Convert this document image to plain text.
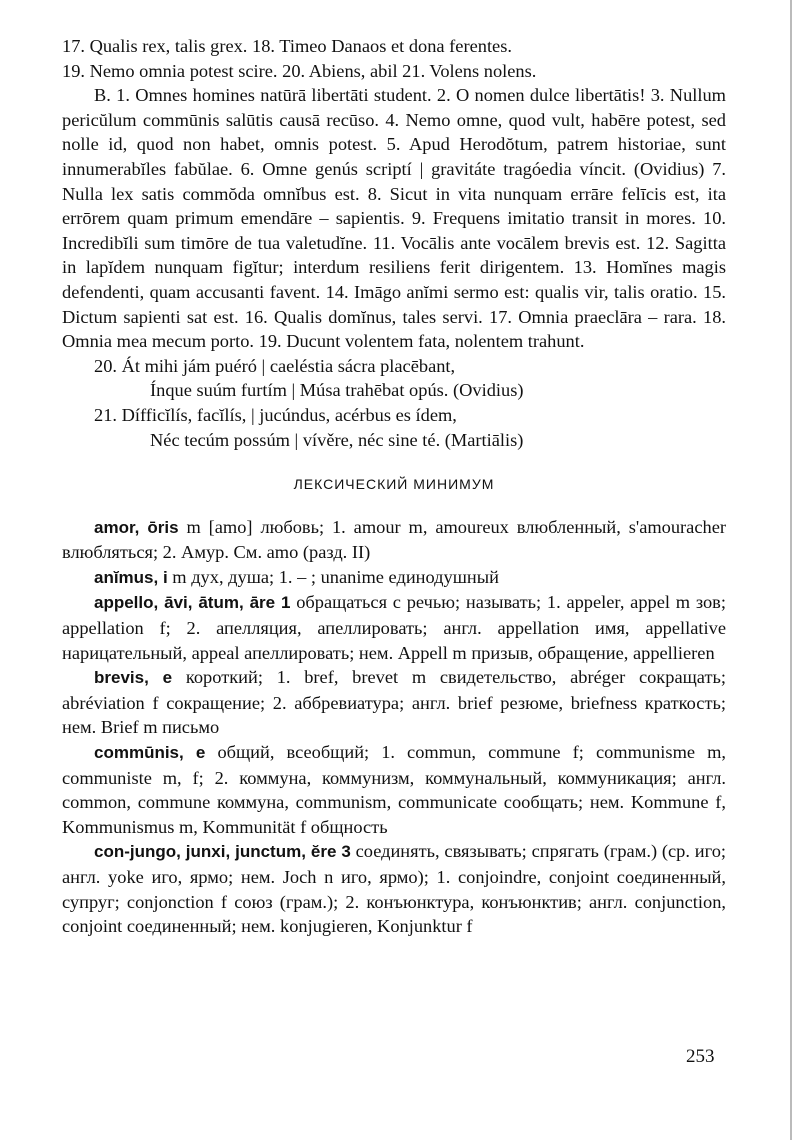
17. Qualis rex, talis grex. 18. Timeo Danaos et dona ferentes.

19. Nemo omnia potest scire. 20. Abiens, abil 21. Volens nolens.

B. 1. Omnes homines natūrā libertāti student. 2. O nomen dulce libertātis! 3. Nullum pericŭlum commūnis salūtis causā recūso. 4. Nemo omne, quod vult, habēre potest, sed nolle id, quod non habet, omnis potest. 5. Apud Herodŏtum, patrem historiae, sunt innumerabĭles fabŭlae. 6. Omne genús scriptí | gravitáte tragóedia víncit. (Ovidius) 7. Nulla lex satis commŏda omnĭbus est. 8. Sicut in vita nunquam errāre felīcis est, ita errōrem quam primum emendāre – sapientis. 9. Frequens imitatio transit in mores. 10. Incredibĭli sum timōre de tua valetudĭne. 11. Vocālis ante vocālem brevis est. 12. Sagitta in lapĭdem nunquam figĭtur; interdum resiliens ferit dirigentem. 13. Homĭnes magis defendenti, quam accusanti favent. 14. Imāgo anĭmi sermo est: qualis vir, talis oratio. 15. Dictum sapienti sat est. 16. Qualis domĭnus, tales servi. 17. Omnia praeclāra – rara. 18. Omnia mea mecum porto. 19. Ducunt volentem fata, nolentem trahunt.

20. Át mihi jám puéró | caeléstia sácra placēbant,
Ínque suúm furtím | Músa trahēbat opús. (Ovidius)
21. Dífficĭlís, facĭlís, | jucúndus, acérbus es ídem,
Néc tecúm possúm | vívěre, néc sine té. (Martiālis)
ЛЕКСИЧЕСКИЙ МИНИМУМ

amor, ōris m [amo] любовь; 1. amour m, amoureux влюбленный, s'amouracher влюбляться; 2. Амур. См. amo (разд. II)

anĭmus, i m дух, душа; 1. – ; unanime единодушный

appello, āvi, ātum, āre 1 обращаться с речью; называть; 1. appeler, appel m зов; appellation f; 2. апелляция, апеллировать; англ. appellation имя, appellative нарицательный, appeal апеллировать; нем. Appell m призыв, обращение, appellieren

brevis, e короткий; 1. bref, brevet m свидетельство, abréger сокращать; abréviation f сокращение; 2. аббревиатура; англ. brief резюме, briefness краткость; нем. Brief m письмо

commūnis, e общий, всеобщий; 1. commun, commune f; communisme m, communiste m, f; 2. коммуна, коммунизм, коммунальный, коммуникация; англ. common, commune коммуна, communism, communicate сообщать; нем. Kommune f, Kommunismus m, Kommunität f общность

con-jungo, junxi, junctum, ĕre 3 соединять, связывать; спрягать (грам.) (ср. иго; англ. yoke иго, ярмо; нем. Joch n иго, ярмо); 1. conjoindre, conjoint соединенный, супруг; conjonction f союз (грам.); 2. конъюнктура, конъюнктив; англ. conjunction, conjoint соединенный; нем. konjugieren, Konjunktur f

253
